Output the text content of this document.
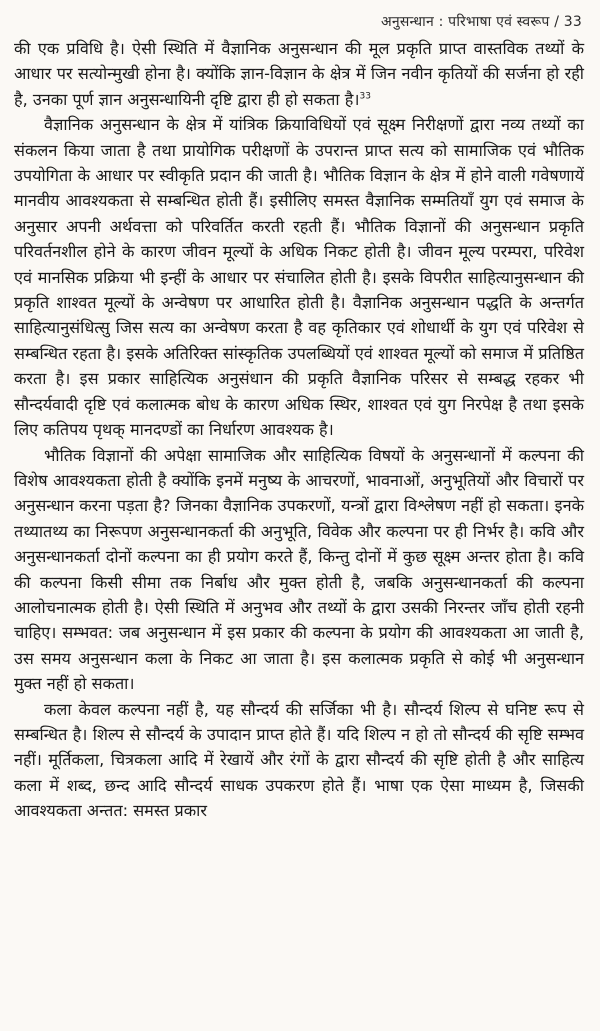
अनुसन्धान : परिभाषा एवं स्वरूप / 33

की एक प्रविधि है। ऐसी स्थिति में वैज्ञानिक अनुसन्धान की मूल प्रकृति प्राप्त वास्तविक तथ्यों के आधार पर सत्योन्मुखी होना है। क्योंकि ज्ञान-विज्ञान के क्षेत्र में जिन नवीन कृतियों की सर्जना हो रही है, उनका पूर्ण ज्ञान अनुसन्धायिनी दृष्टि द्वारा ही हो सकता है।$^{33}$

वैज्ञानिक अनुसन्धान के क्षेत्र में यांत्रिक क्रियाविधियों एवं सूक्ष्म निरीक्षणों द्वारा नव्य तथ्यों का संकलन किया जाता है तथा प्रायोगिक परीक्षणों के उपरान्त प्राप्त सत्य को सामाजिक एवं भौतिक उपयोगिता के आधार पर स्वीकृति प्रदान की जाती है। भौतिक विज्ञान के क्षेत्र में होने वाली गवेषणायें मानवीय आवश्यकता से सम्बन्धित होती हैं। इसीलिए समस्त वैज्ञानिक सम्मतियाँ युग एवं समाज के अनुसार अपनी अर्थवत्ता को परिवर्तित करती रहती हैं। भौतिक विज्ञानों की अनुसन्धान प्रकृति परिवर्तनशील होने के कारण जीवन मूल्यों के अधिक निकट होती है। जीवन मूल्य परम्परा, परिवेश एवं मानसिक प्रक्रिया भी इन्हीं के आधार पर संचालित होती है। इसके विपरीत साहित्यानुसन्धान की प्रकृति शाश्वत मूल्यों के अन्वेषण पर आधारित होती है। वैज्ञानिक अनुसन्धान पद्धति के अन्तर्गत साहित्यानुसंधित्सु जिस सत्य का अन्वेषण करता है वह कृतिकार एवं शोधार्थी के युग एवं परिवेश से सम्बन्धित रहता है। इसके अतिरिक्त सांस्कृतिक उपलब्धियों एवं शाश्वत मूल्यों को समाज में प्रतिष्ठित करता है। इस प्रकार साहित्यिक अनुसंधान की प्रकृति वैज्ञानिक परिसर से सम्बद्ध रहकर भी सौन्दर्यवादी दृष्टि एवं कलात्मक बोध के कारण अधिक स्थिर, शाश्वत एवं युग निरपेक्ष है तथा इसके लिए कतिपय पृथक् मानदण्डों का निर्धारण आवश्यक है।

भौतिक विज्ञानों की अपेक्षा सामाजिक और साहित्यिक विषयों के अनुसन्धानों में कल्पना की विशेष आवश्यकता होती है क्योंकि इनमें मनुष्य के आचरणों, भावनाओं, अनुभूतियों और विचारों पर अनुसन्धान करना पड़ता है? जिनका वैज्ञानिक उपकरणों, यन्त्रों द्वारा विश्लेषण नहीं हो सकता। इनके तथ्यातथ्य का निरूपण अनुसन्धानकर्ता की अनुभूति, विवेक और कल्पना पर ही निर्भर है। कवि और अनुसन्धानकर्ता दोनों कल्पना का ही प्रयोग करते हैं, किन्तु दोनों में कुछ सूक्ष्म अन्तर होता है। कवि की कल्पना किसी सीमा तक निर्बाध और मुक्त होती है, जबकि अनुसन्धानकर्ता की कल्पना आलोचनात्मक होती है। ऐसी स्थिति में अनुभव और तथ्यों के द्वारा उसकी निरन्तर जाँच होती रहनी चाहिए। सम्भवत: जब अनुसन्धान में इस प्रकार की कल्पना के प्रयोग की आवश्यकता आ जाती है, उस समय अनुसन्धान कला के निकट आ जाता है। इस कलात्मक प्रकृति से कोई भी अनुसन्धान मुक्त नहीं हो सकता।

कला केवल कल्पना नहीं है, यह सौन्दर्य की सर्जिका भी है। सौन्दर्य शिल्प से घनिष्ट रूप से सम्बन्धित है। शिल्प से सौन्दर्य के उपादान प्राप्त होते हैं। यदि शिल्प न हो तो सौन्दर्य की सृष्टि सम्भव नहीं। मूर्तिकला, चित्रकला आदि में रेखायें और रंगों के द्वारा सौन्दर्य की सृष्टि होती है और साहित्य कला में शब्द, छन्द आदि सौन्दर्य साधक उपकरण होते हैं। भाषा एक ऐसा माध्यम है, जिसकी आवश्यकता अन्तत: समस्त प्रकार
